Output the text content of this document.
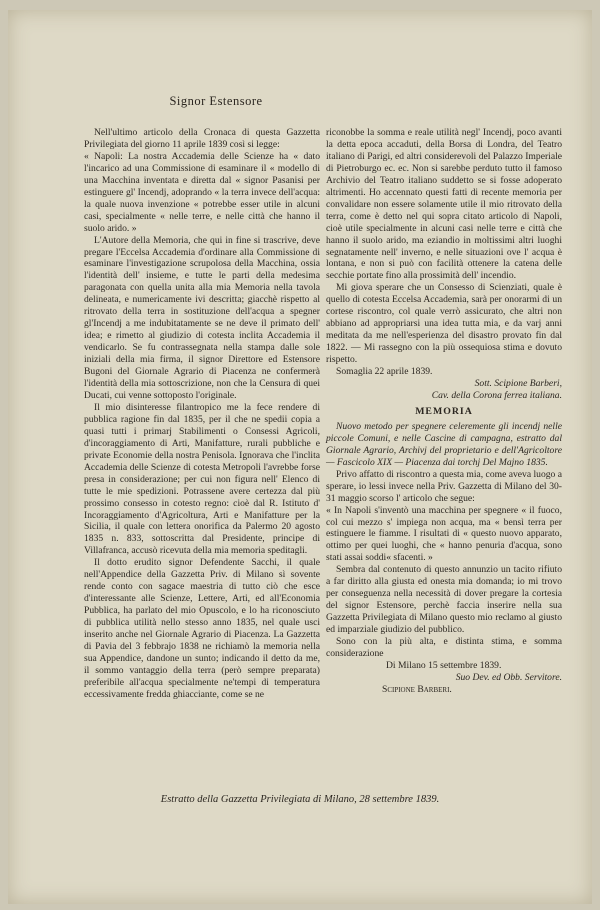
Signor Estensore

Nell'ultimo articolo della Cronaca di questa Gazzetta Privilegiata del giorno 11 aprile 1839 così si legge:

« Napoli: La nostra Accademia delle Scienze ha « dato l'incarico ad una Commissione di esaminare il « modello di una Macchina inventata e diretta dal « signor Pasanisi per estinguere gl' Incendj, adoprando « la terra invece dell'acqua: la quale nuova invenzione « potrebbe esser utile in alcuni casi, specialmente « nelle terre, e nelle città che hanno il suolo arido. »

L'Autore della Memoria, che qui in fine si trascrive, deve pregare l'Eccelsa Accademia d'ordinare alla Commissione di esaminare l'investigazione scrupolosa della Macchina, ossia l'identità dell' insieme, e tutte le parti della medesima paragonata con quella unita alla mia Memoria nella tavola delineata, e numericamente ivi descritta; giacchè rispetto al ritrovato della terra in sostituzione dell'acqua a spegner gl'Incendj a me indubitatamente se ne deve il primato dell' idea; e rimetto al giudizio di cotesta inclita Accademia il vendicarlo. Se fu contrassegnata nella stampa dalle sole iniziali della mia firma, il signor Direttore ed Estensore Bugoni del Giornale Agrario di Piacenza ne confermerà l'identità della mia sottoscrizione, non che la Censura di quei Ducati, cui venne sottoposto l'originale.

Il mio disinteresse filantropico me la fece rendere di pubblica ragione fin dal 1835, per il che ne spedii copia a quasi tutti i primarj Stabilimenti o Consessi Agricoli, d'incoraggiamento di Arti, Manifatture, rurali pubbliche e private Economie della nostra Penisola. Ignorava che l'inclita Accademia delle Scienze di cotesta Metropoli l'avrebbe forse presa in considerazione; per cui non figura nell' Elenco di tutte le mie spedizioni. Potrassene avere certezza dal più prossimo consesso in cotesto regno: cioè dal R. Istituto d' Incoraggiamento d'Agricoltura, Arti e Manifatture per la Sicilia, il quale con lettera onorifica da Palermo 20 agosto 1835 n. 833, sottoscritta dal Presidente, principe di Villafranca, accusò ricevuta della mia memoria speditagli.

Il dotto erudito signor Defendente Sacchi, il quale nell'Appendice della Gazzetta Priv. di Milano sì sovente rende conto con sagace maestria di tutto ciò che esce d'interessante alle Scienze, Lettere, Arti, ed all'Economia Pubblica, ha parlato del mio Opuscolo, e lo ha riconosciuto di pubblica utilità nello stesso anno 1835, nel quale usci inserito anche nel Giornale Agrario di Piacenza. La Gazzetta di Pavia del 3 febbrajo 1838 ne richiamò la memoria nella sua Appendice, dandone un sunto; indicando il detto da me, il sommo vantaggio della terra (però sempre preparata) preferibile all'acqua specialmente ne'tempi di temperatura eccessivamente fredda ghiacciante, come se ne

riconobbe la somma e reale utilità negl' Incendj, poco avanti la detta epoca accaduti, della Borsa di Londra, del Teatro italiano di Parigi, ed altri considerevoli del Palazzo Imperiale di Pietroburgo ec. ec. Non si sarebbe perduto tutto il famoso Archivio del Teatro italiano suddetto se si fosse adoperato altrimenti. Ho accennato questi fatti di recente memoria per convalidare non essere solamente utile il mio ritrovato della terra, come è detto nel qui sopra citato articolo di Napoli, cioè utile specialmente in alcuni casi nelle terre e città che hanno il suolo arido, ma eziandio in moltissimi altri luoghi segnatamente nell' inverno, e nelle situazioni ove l' acqua è lontana, e non si può con facilità ottenere la catena delle secchie portate fino alla prossimità dell' incendio.

Mi giova sperare che un Consesso di Scienziati, quale è quello di cotesta Eccelsa Accademia, sarà per onorarmi di un cortese riscontro, col quale verrò assicurato, che altri non abbiano ad appropriarsi una idea tutta mia, e da varj anni meditata da me nell'esperienza del disastro provato fin dal 1822. — Mi rassegno con la più ossequiosa stima e dovuto rispetto.

Somaglia 22 aprile 1839.

Sott. Scipione Barberi,

Cav. della Corona ferrea italiana.

MEMORIA

Nuovo metodo per spegnere celeremente gli incendj nelle piccole Comuni, e nelle Cascine di campagna, estratto dal Giornale Agrario, Archivj del proprietario e dell'Agricoltore — Fascicolo XIX — Piacenza dai torchj Del Majno 1835.

Privo affatto di riscontro a questa mia, come aveva luogo a sperare, io lessi invece nella Priv. Gazzetta di Milano del 30-31 maggio scorso l' articolo che segue:

« In Napoli s'inventò una macchina per spegnere « il fuoco, col cui mezzo s' impiega non acqua, ma « bensì terra per estinguere le fiamme. I risultati di « questo nuovo apparato, ottimo per quei luoghi, che « hanno penuria d'acqua, sono stati assai soddi« sfacenti. »

Sembra dal contenuto di questo annunzio un tacito rifiuto a far diritto alla giusta ed onesta mia domanda; io mi trovo per conseguenza nella necessità di dover pregare la cortesia del signor Estensore, perchè faccia inserire nella sua Gazzetta Privilegiata di Milano questo mio reclamo al giusto ed imparziale giudizio del pubblico.

Sono con la più alta, e distinta stima, e somma considerazione

Di Milano 15 settembre 1839.

Suo Dev. ed Obb. Servitore.

Scipione Barberi.

Estratto della Gazzetta Privilegiata di Milano, 28 settembre 1839.
